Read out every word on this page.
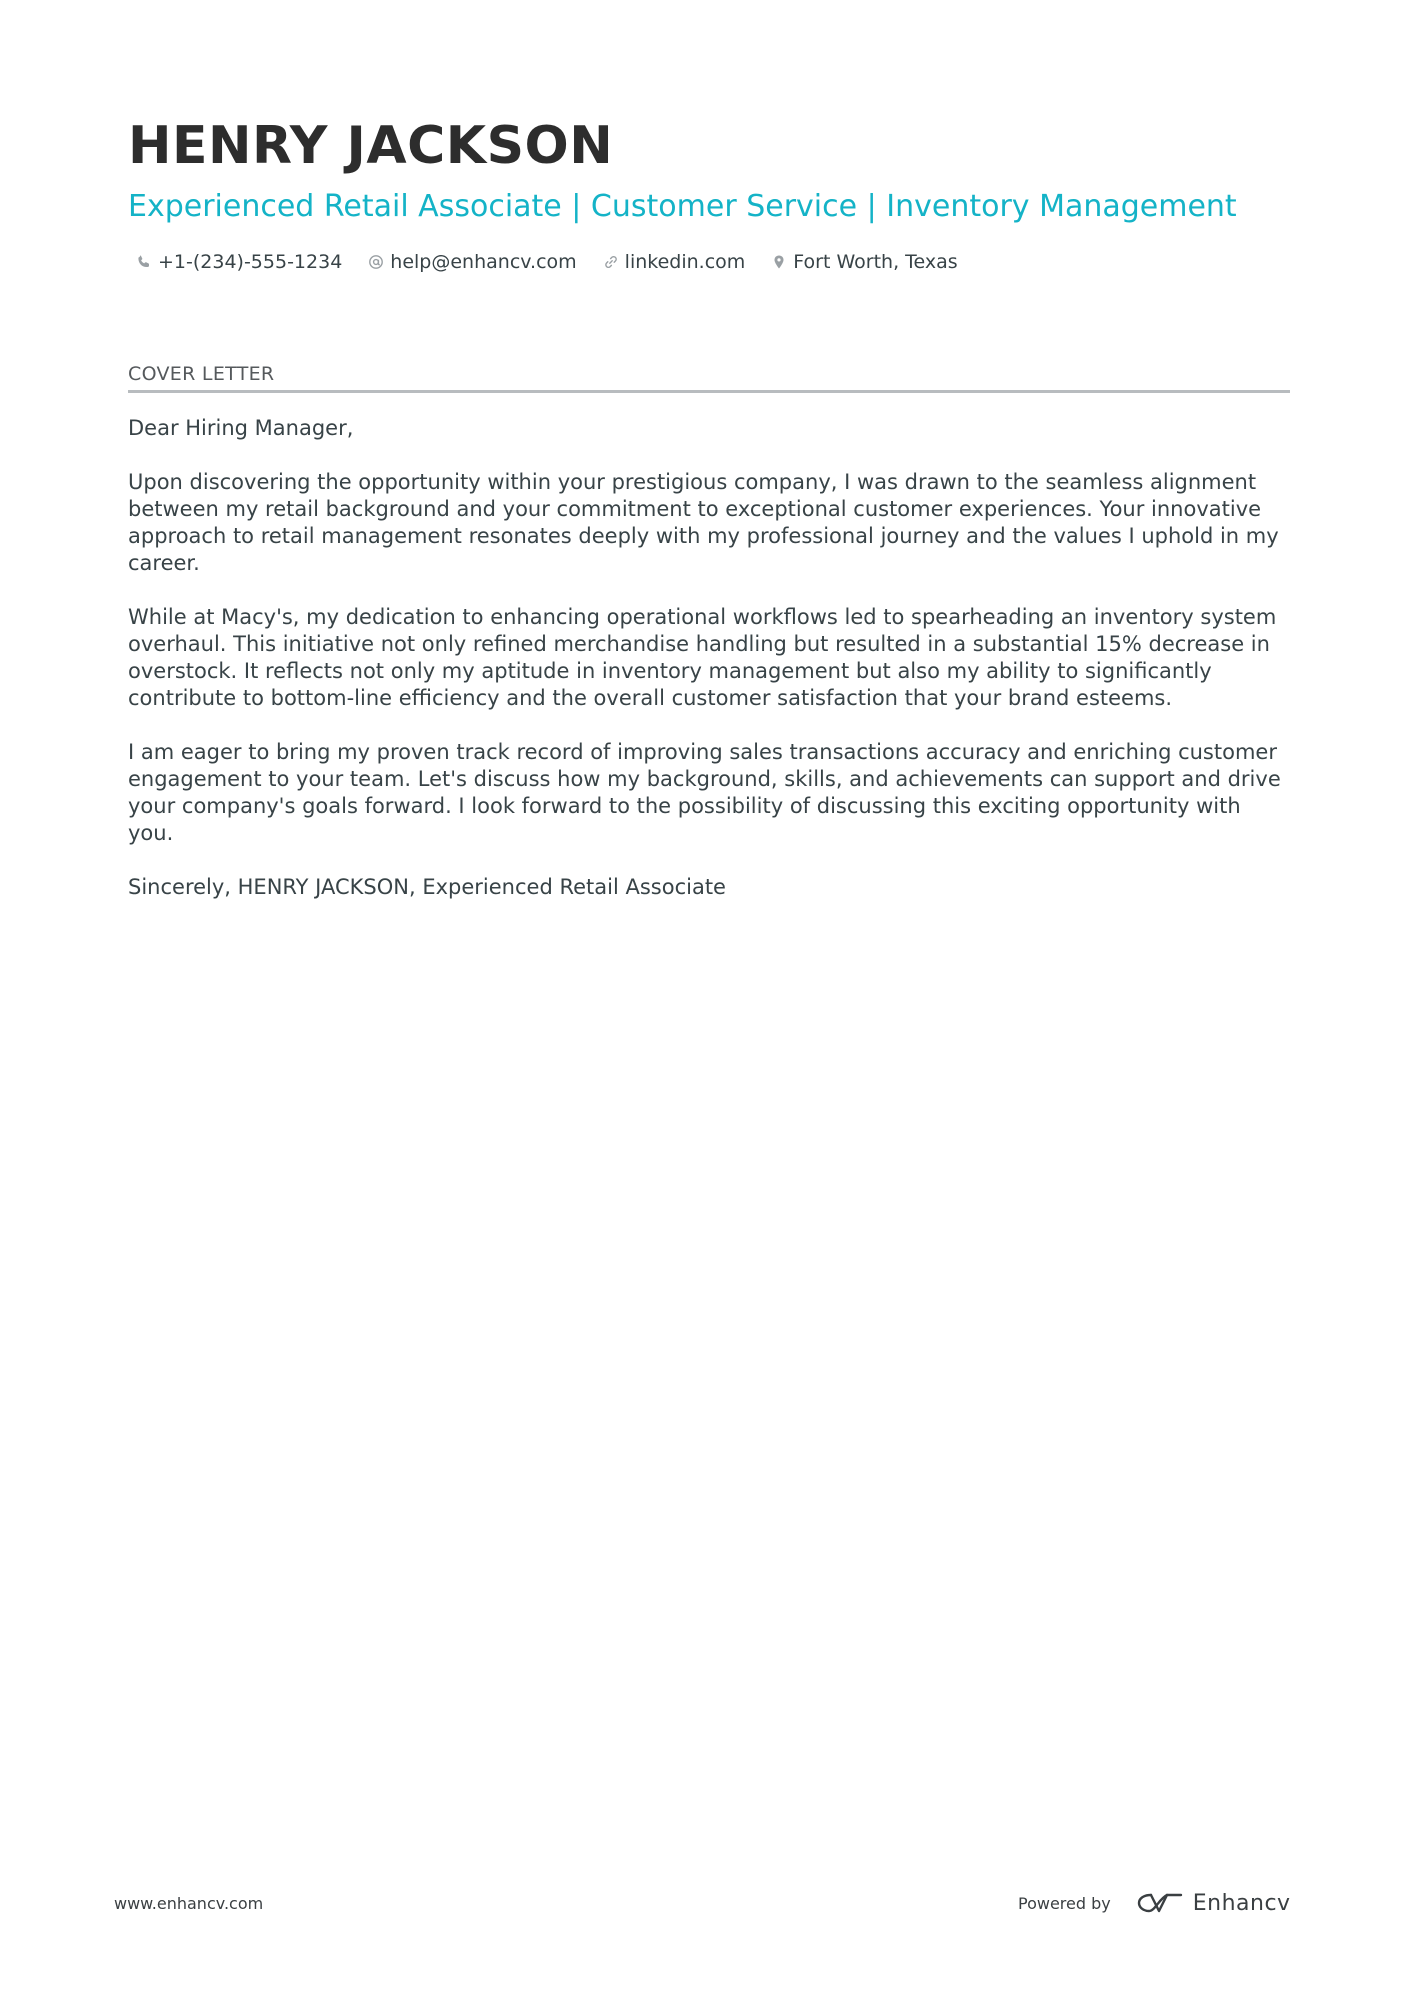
HENRY JACKSON
Experienced Retail Associate | Customer Service | Inventory Management
+1-(234)-555-1234	help@enhancv.com	linkedin.com	Fort Worth, Texas
COVER LETTER

Dear Hiring Manager,

Upon discovering the opportunity within your prestigious company, I was drawn to the seamless alignment between my retail background and your commitment to exceptional customer experiences. Your innovative approach to retail management resonates deeply with my professional journey and the values I uphold in my career.

While at Macy's, my dedication to enhancing operational workflows led to spearheading an inventory system overhaul. This initiative not only refined merchandise handling but resulted in a substantial 15% decrease in overstock. It reflects not only my aptitude in inventory management but also my ability to significantly contribute to bottom-line efficiency and the overall customer satisfaction that your brand esteems.

I am eager to bring my proven track record of improving sales transactions accuracy and enriching customer engagement to your team. Let's discuss how my background, skills, and achievements can support and drive your company's goals forward. I look forward to the possibility of discussing this exciting opportunity with you.

Sincerely, HENRY JACKSON, Experienced Retail Associate

www.enhancv.com	Powered by	Enhancv
